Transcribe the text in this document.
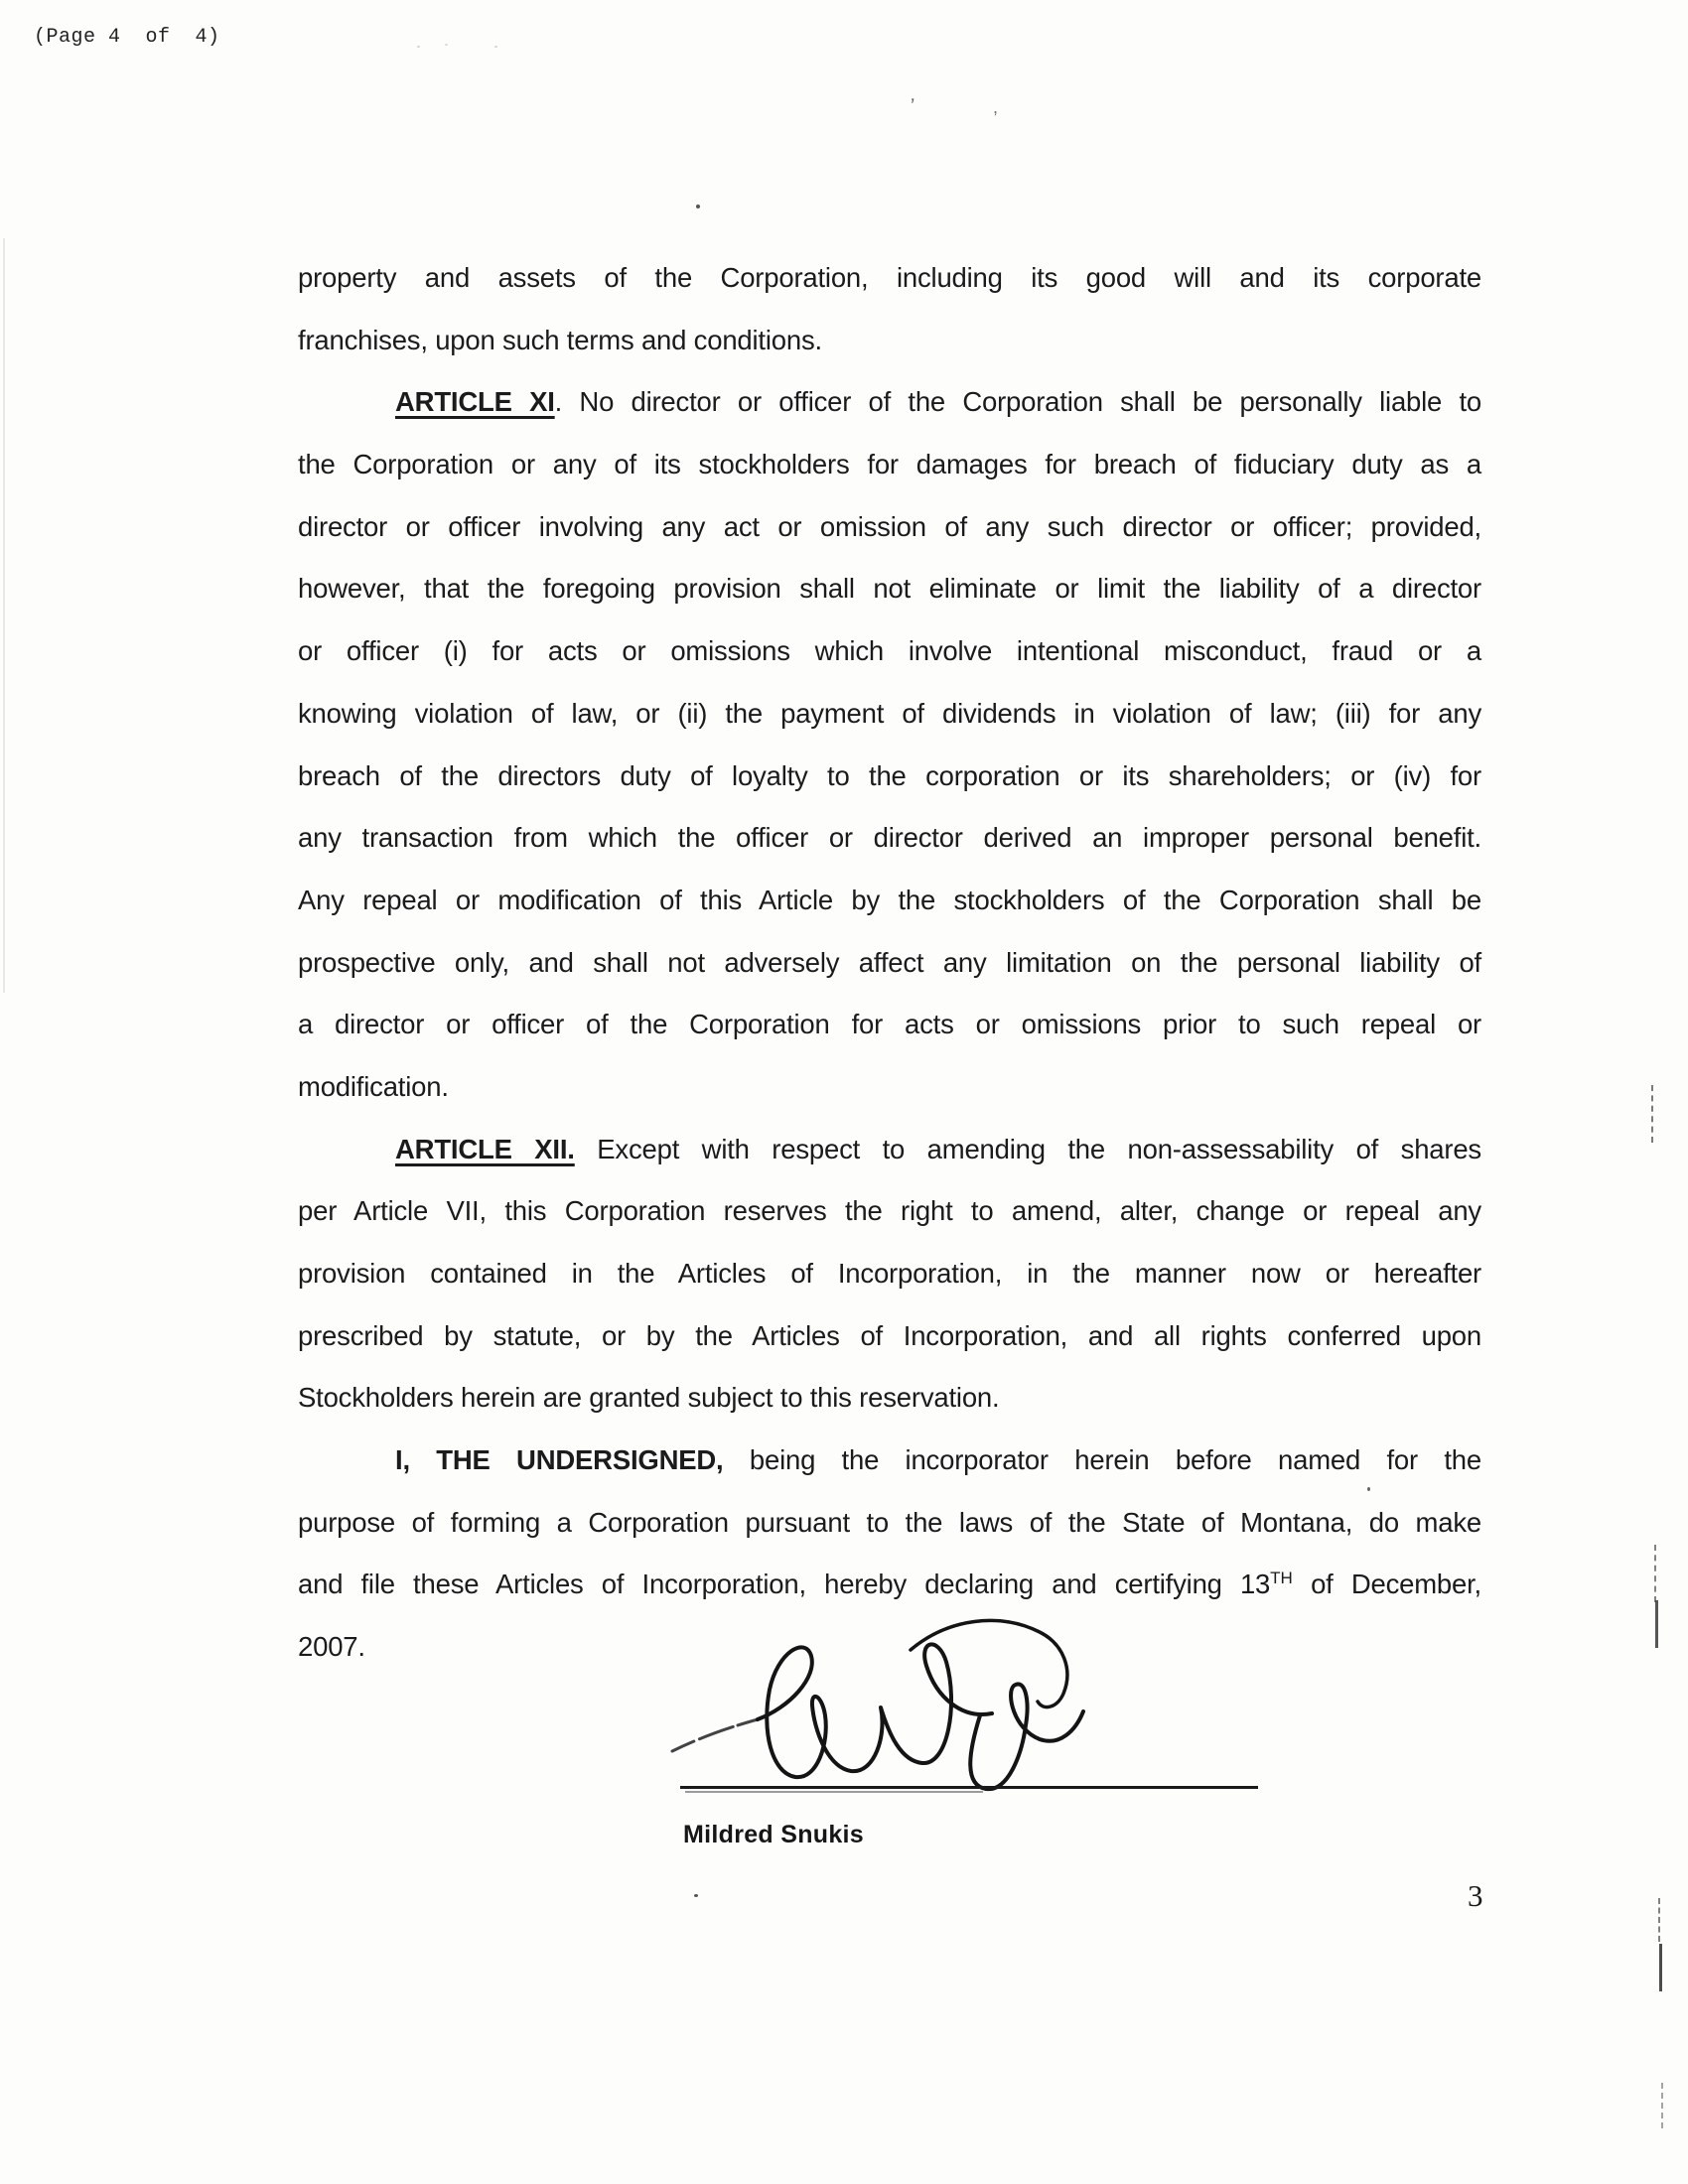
(Page 4  of  4)
’	,
property and assets of the Corporation, including its good will and its corporate
franchises, upon such terms and conditions.
ARTICLE XI. No director or officer of the Corporation shall be personally liable to
the Corporation or any of its stockholders for damages for breach of fiduciary duty as a
director or officer involving any act or omission of any such director or officer; provided,
however, that the foregoing provision shall not eliminate or limit the liability of a director
or officer (i) for acts or omissions which involve intentional misconduct, fraud or a
knowing violation of law, or (ii) the payment of dividends in violation of law; (iii) for any
breach of the directors duty of loyalty to the corporation or its shareholders; or (iv) for
any transaction from which the officer or director derived an improper personal benefit.
Any repeal or modification of this Article by the stockholders of the Corporation shall be
prospective only, and shall not adversely affect any limitation on the personal liability of
a director or officer of the Corporation for acts or omissions prior to such repeal or
modification.
ARTICLE XII. Except with respect to amending the non-assessability of shares
per Article VII, this Corporation reserves the right to amend, alter, change or repeal any
provision contained in the Articles of Incorporation, in the manner now or hereafter
prescribed by statute, or by the Articles of Incorporation, and all rights conferred upon
Stockholders herein are granted subject to this reservation.
I, THE UNDERSIGNED, being the incorporator herein before named for the
purpose of forming a Corporation pursuant to the laws of the State of Montana, do make
and file these Articles of Incorporation, hereby declaring and certifying 13TH of December,
2007.
Mildred Snukis
3
